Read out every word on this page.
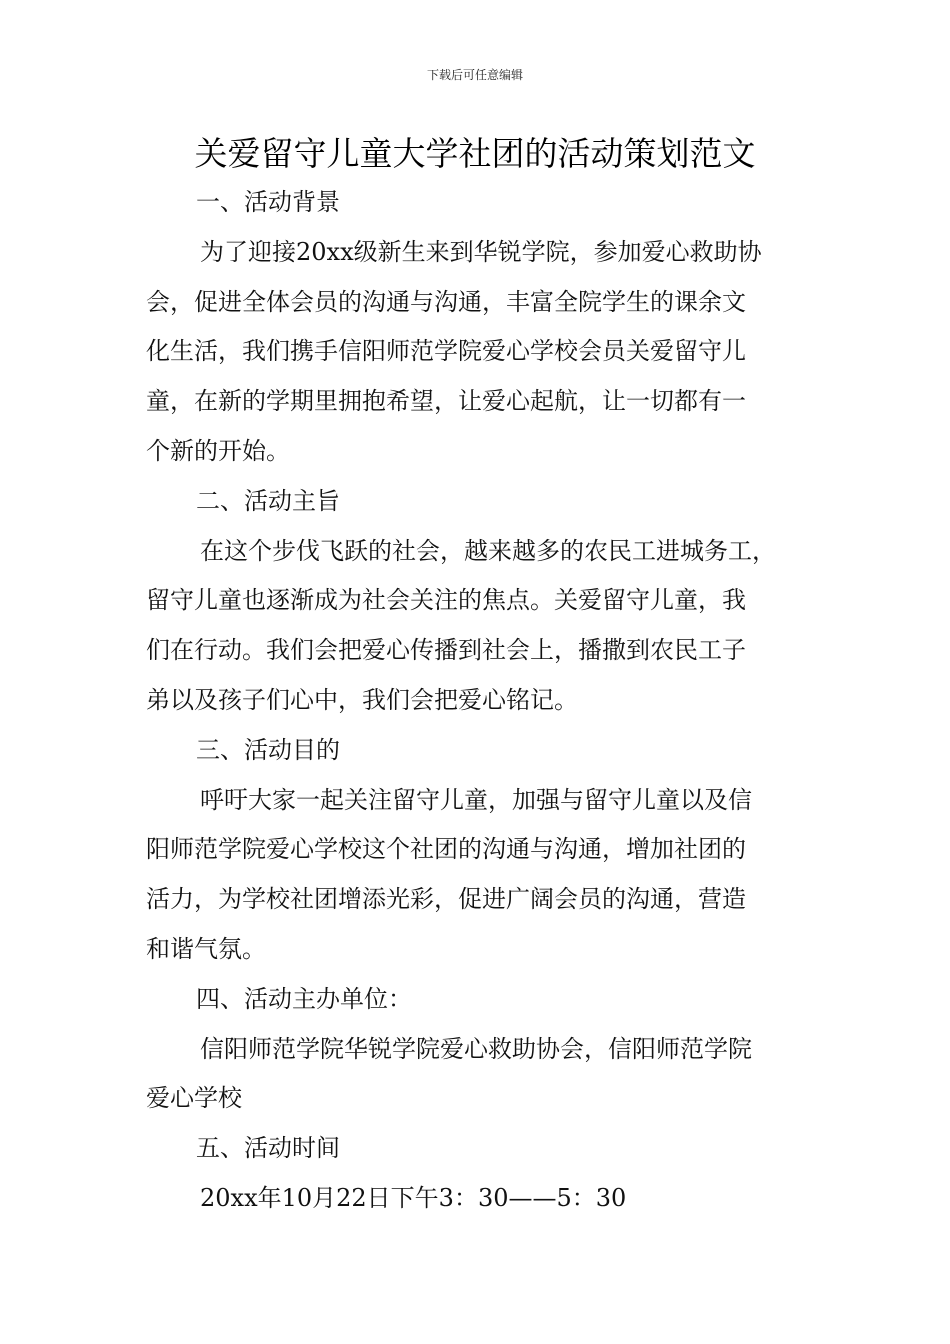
下载后可任意编辑
关爱留守儿童大学社团的活动策划范文
一、活动背景
为了迎接20xx级新生来到华锐学院，参加爱心救助协
会，促进全体会员的沟通与沟通，丰富全院学生的课余文
化生活，我们携手信阳师范学院爱心学校会员关爱留守儿
童，在新的学期里拥抱希望，让爱心起航，让一切都有一
个新的开始。
二、活动主旨
在这个步伐飞跃的社会，越来越多的农民工进城务工，
留守儿童也逐渐成为社会关注的焦点。关爱留守儿童，我
们在行动。我们会把爱心传播到社会上，播撒到农民工子
弟以及孩子们心中，我们会把爱心铭记。
三、活动目的
呼吁大家一起关注留守儿童，加强与留守儿童以及信
阳师范学院爱心学校这个社团的沟通与沟通，增加社团的
活力，为学校社团增添光彩，促进广阔会员的沟通，营造
和谐气氛。
四、活动主办单位：
信阳师范学院华锐学院爱心救助协会，信阳师范学院
爱心学校
五、活动时间
20xx年10月22日下午3：30——5：30
